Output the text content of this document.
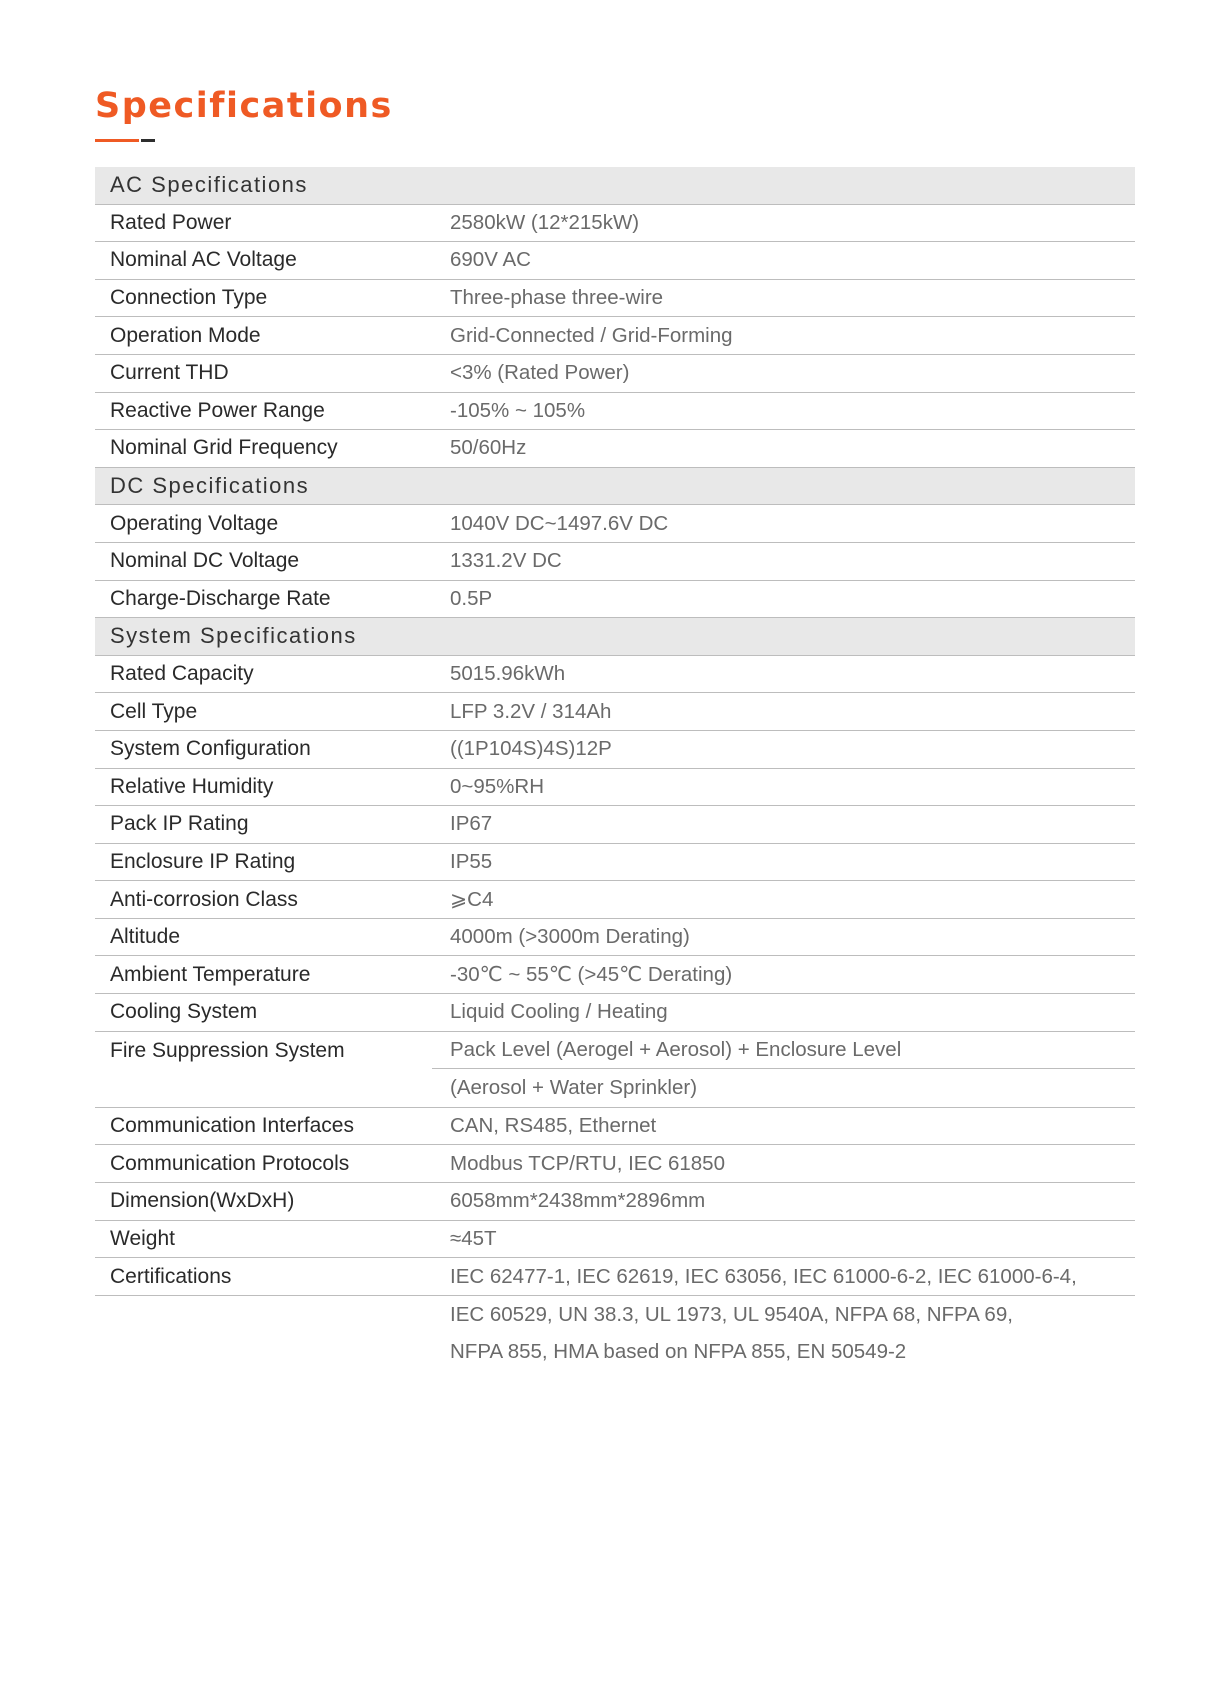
Specifications
AC Specifications
Rated Power	2580kW (12*215kW)
Nominal AC Voltage	690V AC
Connection Type	Three-phase three-wire
Operation Mode	Grid-Connected / Grid-Forming
Current THD	<3% (Rated Power)
Reactive Power Range	-105% ~ 105%
Nominal Grid Frequency	50/60Hz
DC Specifications
Operating Voltage	1040V DC~1497.6V DC
Nominal DC Voltage	1331.2V DC
Charge-Discharge Rate	0.5P
System Specifications
Rated Capacity	5015.96kWh
Cell Type	LFP 3.2V / 314Ah
System Configuration	((1P104S)4S)12P
Relative Humidity	0~95%RH
Pack IP Rating	IP67
Enclosure IP Rating	IP55
Anti-corrosion Class	⩾C4
Altitude	4000m (>3000m Derating)
Ambient Temperature	-30℃ ~ 55℃ (>45℃ Derating)
Cooling System	Liquid Cooling / Heating
Fire Suppression System	Pack Level (Aerogel + Aerosol) + Enclosure Level
(Aerosol + Water Sprinkler)
Communication Interfaces	CAN, RS485, Ethernet
Communication Protocols	Modbus TCP/RTU, IEC 61850
Dimension(WxDxH)	6058mm*2438mm*2896mm
Weight	≈45T
Certifications	IEC 62477-1, IEC 62619, IEC 63056, IEC 61000-6-2, IEC 61000-6-4,
IEC 60529, UN 38.3, UL 1973, UL 9540A, NFPA 68, NFPA 69,
NFPA 855, HMA based on NFPA 855, EN 50549-2
